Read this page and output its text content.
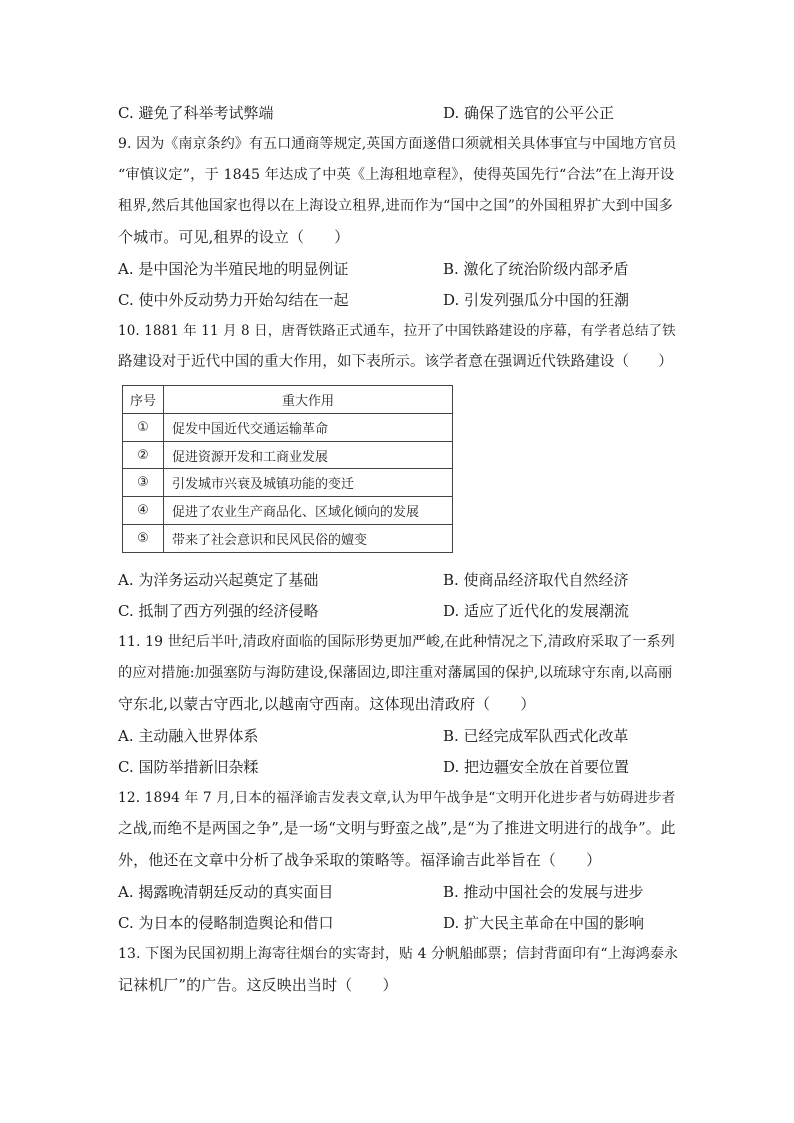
C. 避免了科举考试弊端	D. 确保了选官的公平公正
9. 因为《南京条约》有五口通商等规定,英国方面遂借口须就相关具体事宜与中国地方官员
“审慎议定”，于 1845 年达成了中英《上海租地章程》，使得英国先行“合法”在上海开设
租界,然后其他国家也得以在上海设立租界,进而作为“国中之国”的外国租界扩大到中国多
个城市。可见,租界的设立（　　）
A. 是中国沦为半殖民地的明显例证	B. 激化了统治阶级内部矛盾
C. 使中外反动势力开始勾结在一起	D. 引发列强瓜分中国的狂潮
10. 1881 年 11 月 8 日，唐胥铁路正式通车，拉开了中国铁路建设的序幕，有学者总结了铁
路建设对于近代中国的重大作用，如下表所示。该学者意在强调近代铁路建设（　　）
序号	重大作用
①	促发中国近代交通运输革命
②	促进资源开发和工商业发展
③	引发城市兴衰及城镇功能的变迁
④	促进了农业生产商品化、区域化倾向的发展
⑤	带来了社会意识和民风民俗的嬗变
A. 为洋务运动兴起奠定了基础	B. 使商品经济取代自然经济
C. 抵制了西方列强的经济侵略	D. 适应了近代化的发展潮流
11. 19 世纪后半叶,清政府面临的国际形势更加严峻,在此种情况之下,清政府采取了一系列
的应对措施:加强塞防与海防建设,保藩固边,即注重对藩属国的保护,以琉球守东南,以高丽
守东北,以蒙古守西北,以越南守西南。这体现出清政府（　　）
A. 主动融入世界体系	B. 已经完成军队西式化改革
C. 国防举措新旧杂糅	D. 把边疆安全放在首要位置
12. 1894 年 7 月,日本的福泽谕吉发表文章,认为甲午战争是“文明开化进步者与妨碍进步者
之战,而绝不是两国之争”,是一场“文明与野蛮之战”,是“为了推进文明进行的战争”。此
外，他还在文章中分析了战争采取的策略等。福泽谕吉此举旨在（　　）
A. 揭露晚清朝廷反动的真实面目	B. 推动中国社会的发展与进步
C. 为日本的侵略制造舆论和借口	D. 扩大民主革命在中国的影响
13. 下图为民国初期上海寄往烟台的实寄封，贴 4 分帆船邮票；信封背面印有“上海鸿泰永
记袜机厂”的广告。这反映出当时（　　）
